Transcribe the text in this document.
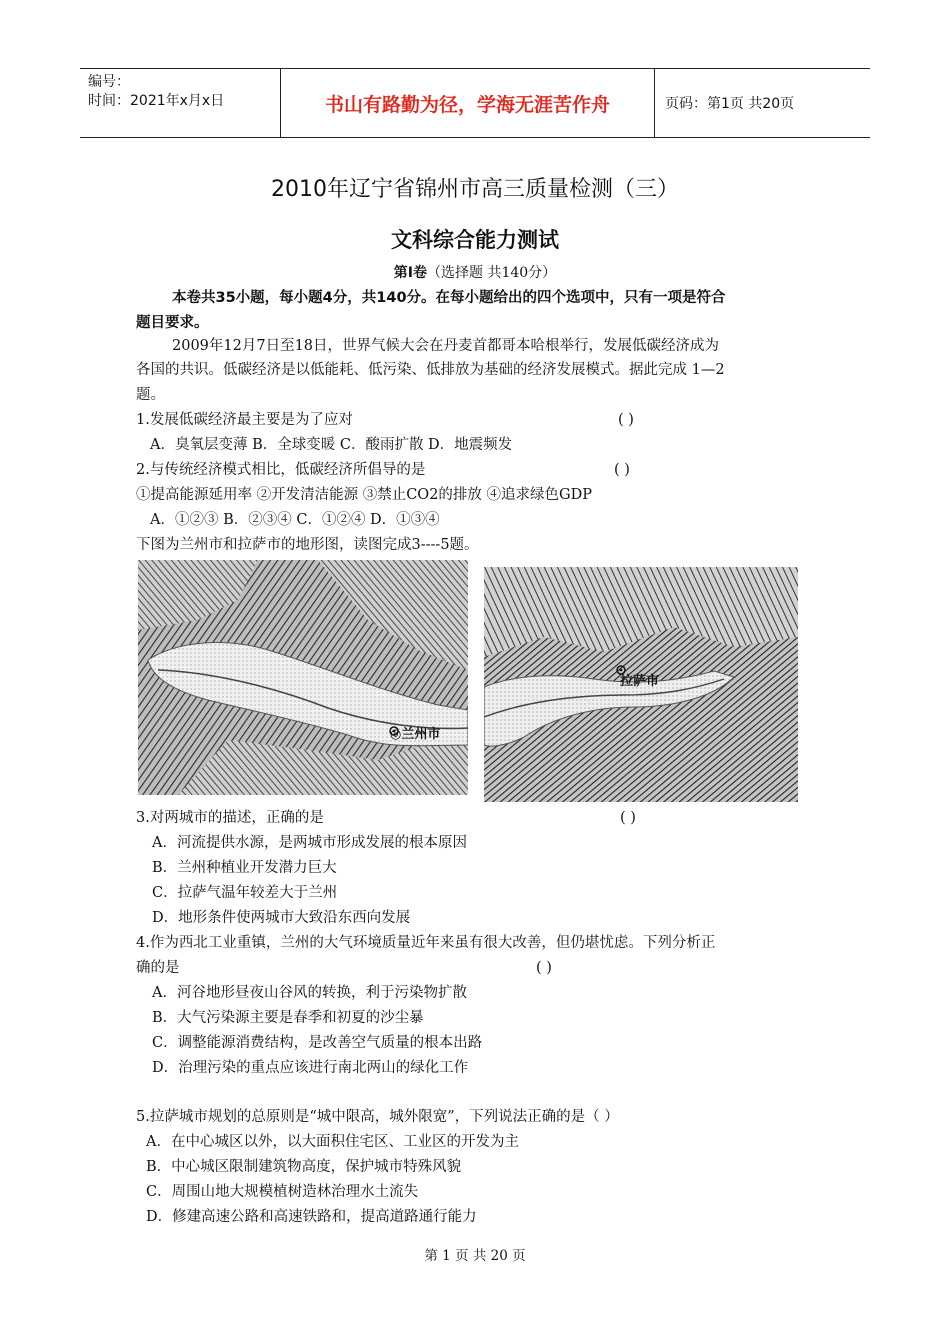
编号：
时间：2021年x月x日	书山有路勤为径，学海无涯苦作舟	页码：第1页 共20页
2010年辽宁省锦州市高三质量检测（三）
文科综合能力测试
第Ⅰ卷（选择题 共140分）
本卷共35小题，每小题4分，共140分。在每小题给出的四个选项中，只有一项是符合
题目要求。
2009年12月7日至18日，世界气候大会在丹麦首都哥本哈根举行，发展低碳经济成为
各国的共识。低碳经济是以低能耗、低污染、低排放为基础的经济发展模式。据此完成 1—2
题。
1.发展低碳经济最主要是为了应对	( )
A．臭氧层变薄 B．全球变暖 C．酸雨扩散 D．地震频发
2.与传统经济模式相比，低碳经济所倡导的是	( )
①提高能源延用率 ②开发清洁能源 ③禁止CO2的排放 ④追求绿色GDP
A．①②③ B．②③④ C．①②④ D．①③④
下图为兰州市和拉萨市的地形图，读图完成3----5题。
◎兰州市
拉萨市
3.对两城市的描述，正确的是	( )
A．河流提供水源，是两城市形成发展的根本原因
B．兰州种植业开发潜力巨大
C．拉萨气温年较差大于兰州
D．地形条件使两城市大致沿东西向发展
4.作为西北工业重镇，兰州的大气环境质量近年来虽有很大改善，但仍堪忧虑。下列分析正
确的是	( )
A．河谷地形昼夜山谷风的转换，利于污染物扩散
B．大气污染源主要是春季和初夏的沙尘暴
C．调整能源消费结构，是改善空气质量的根本出路
D．治理污染的重点应该进行南北两山的绿化工作
5.拉萨城市规划的总原则是“城中限高，城外限宽”，下列说法正确的是（ ）
A．在中心城区以外，以大面积住宅区、工业区的开发为主
B．中心城区限制建筑物高度，保护城市特殊风貌
C．周围山地大规模植树造林治理水土流失
D．修建高速公路和高速铁路和，提高道路通行能力
第 1 页 共 20 页
